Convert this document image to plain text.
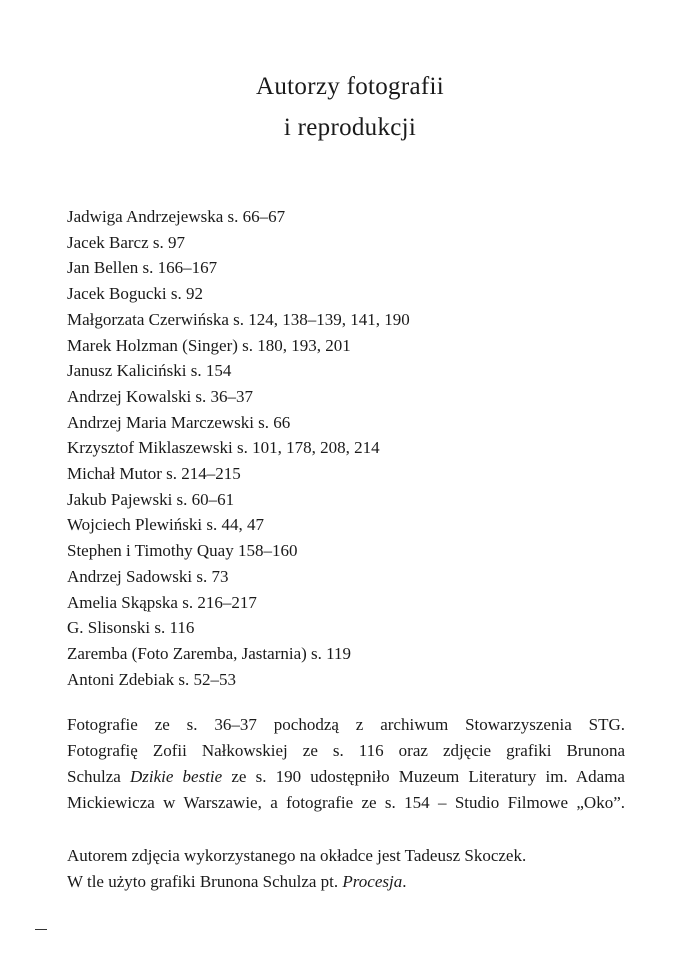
Autorzy fotografii
i reprodukcji
Jadwiga Andrzejewska s. 66–67
Jacek Barcz s. 97
Jan Bellen s. 166–167
Jacek Bogucki s. 92
Małgorzata Czerwińska s. 124, 138–139, 141, 190
Marek Holzman (Singer) s. 180, 193, 201
Janusz Kaliciński s. 154
Andrzej Kowalski s. 36–37
Andrzej Maria Marczewski s. 66
Krzysztof Miklaszewski s. 101, 178, 208, 214
Michał Mutor s. 214–215
Jakub Pajewski s. 60–61
Wojciech Plewiński s. 44, 47
Stephen i Timothy Quay 158–160
Andrzej Sadowski s. 73
Amelia Skąpska s. 216–217
G. Slisonski s. 116
Zaremba (Foto Zaremba, Jastarnia) s. 119
Antoni Zdebiak s. 52–53

Fotografie ze s. 36–37 pochodzą z archiwum Stowarzyszenia STG.
Fotografię Zofii Nałkowskiej ze s. 116 oraz zdjęcie grafiki Brunona
Schulza Dzikie bestie ze s. 190 udostępniło Muzeum Literatury im. Adama
Mickiewicza w Warszawie, a fotografie ze s. 154 – Studio Filmowe „Oko”.

Autorem zdjęcia wykorzystanego na okładce jest Tadeusz Skoczek.
W tle użyto grafiki Brunona Schulza pt. Procesja.
